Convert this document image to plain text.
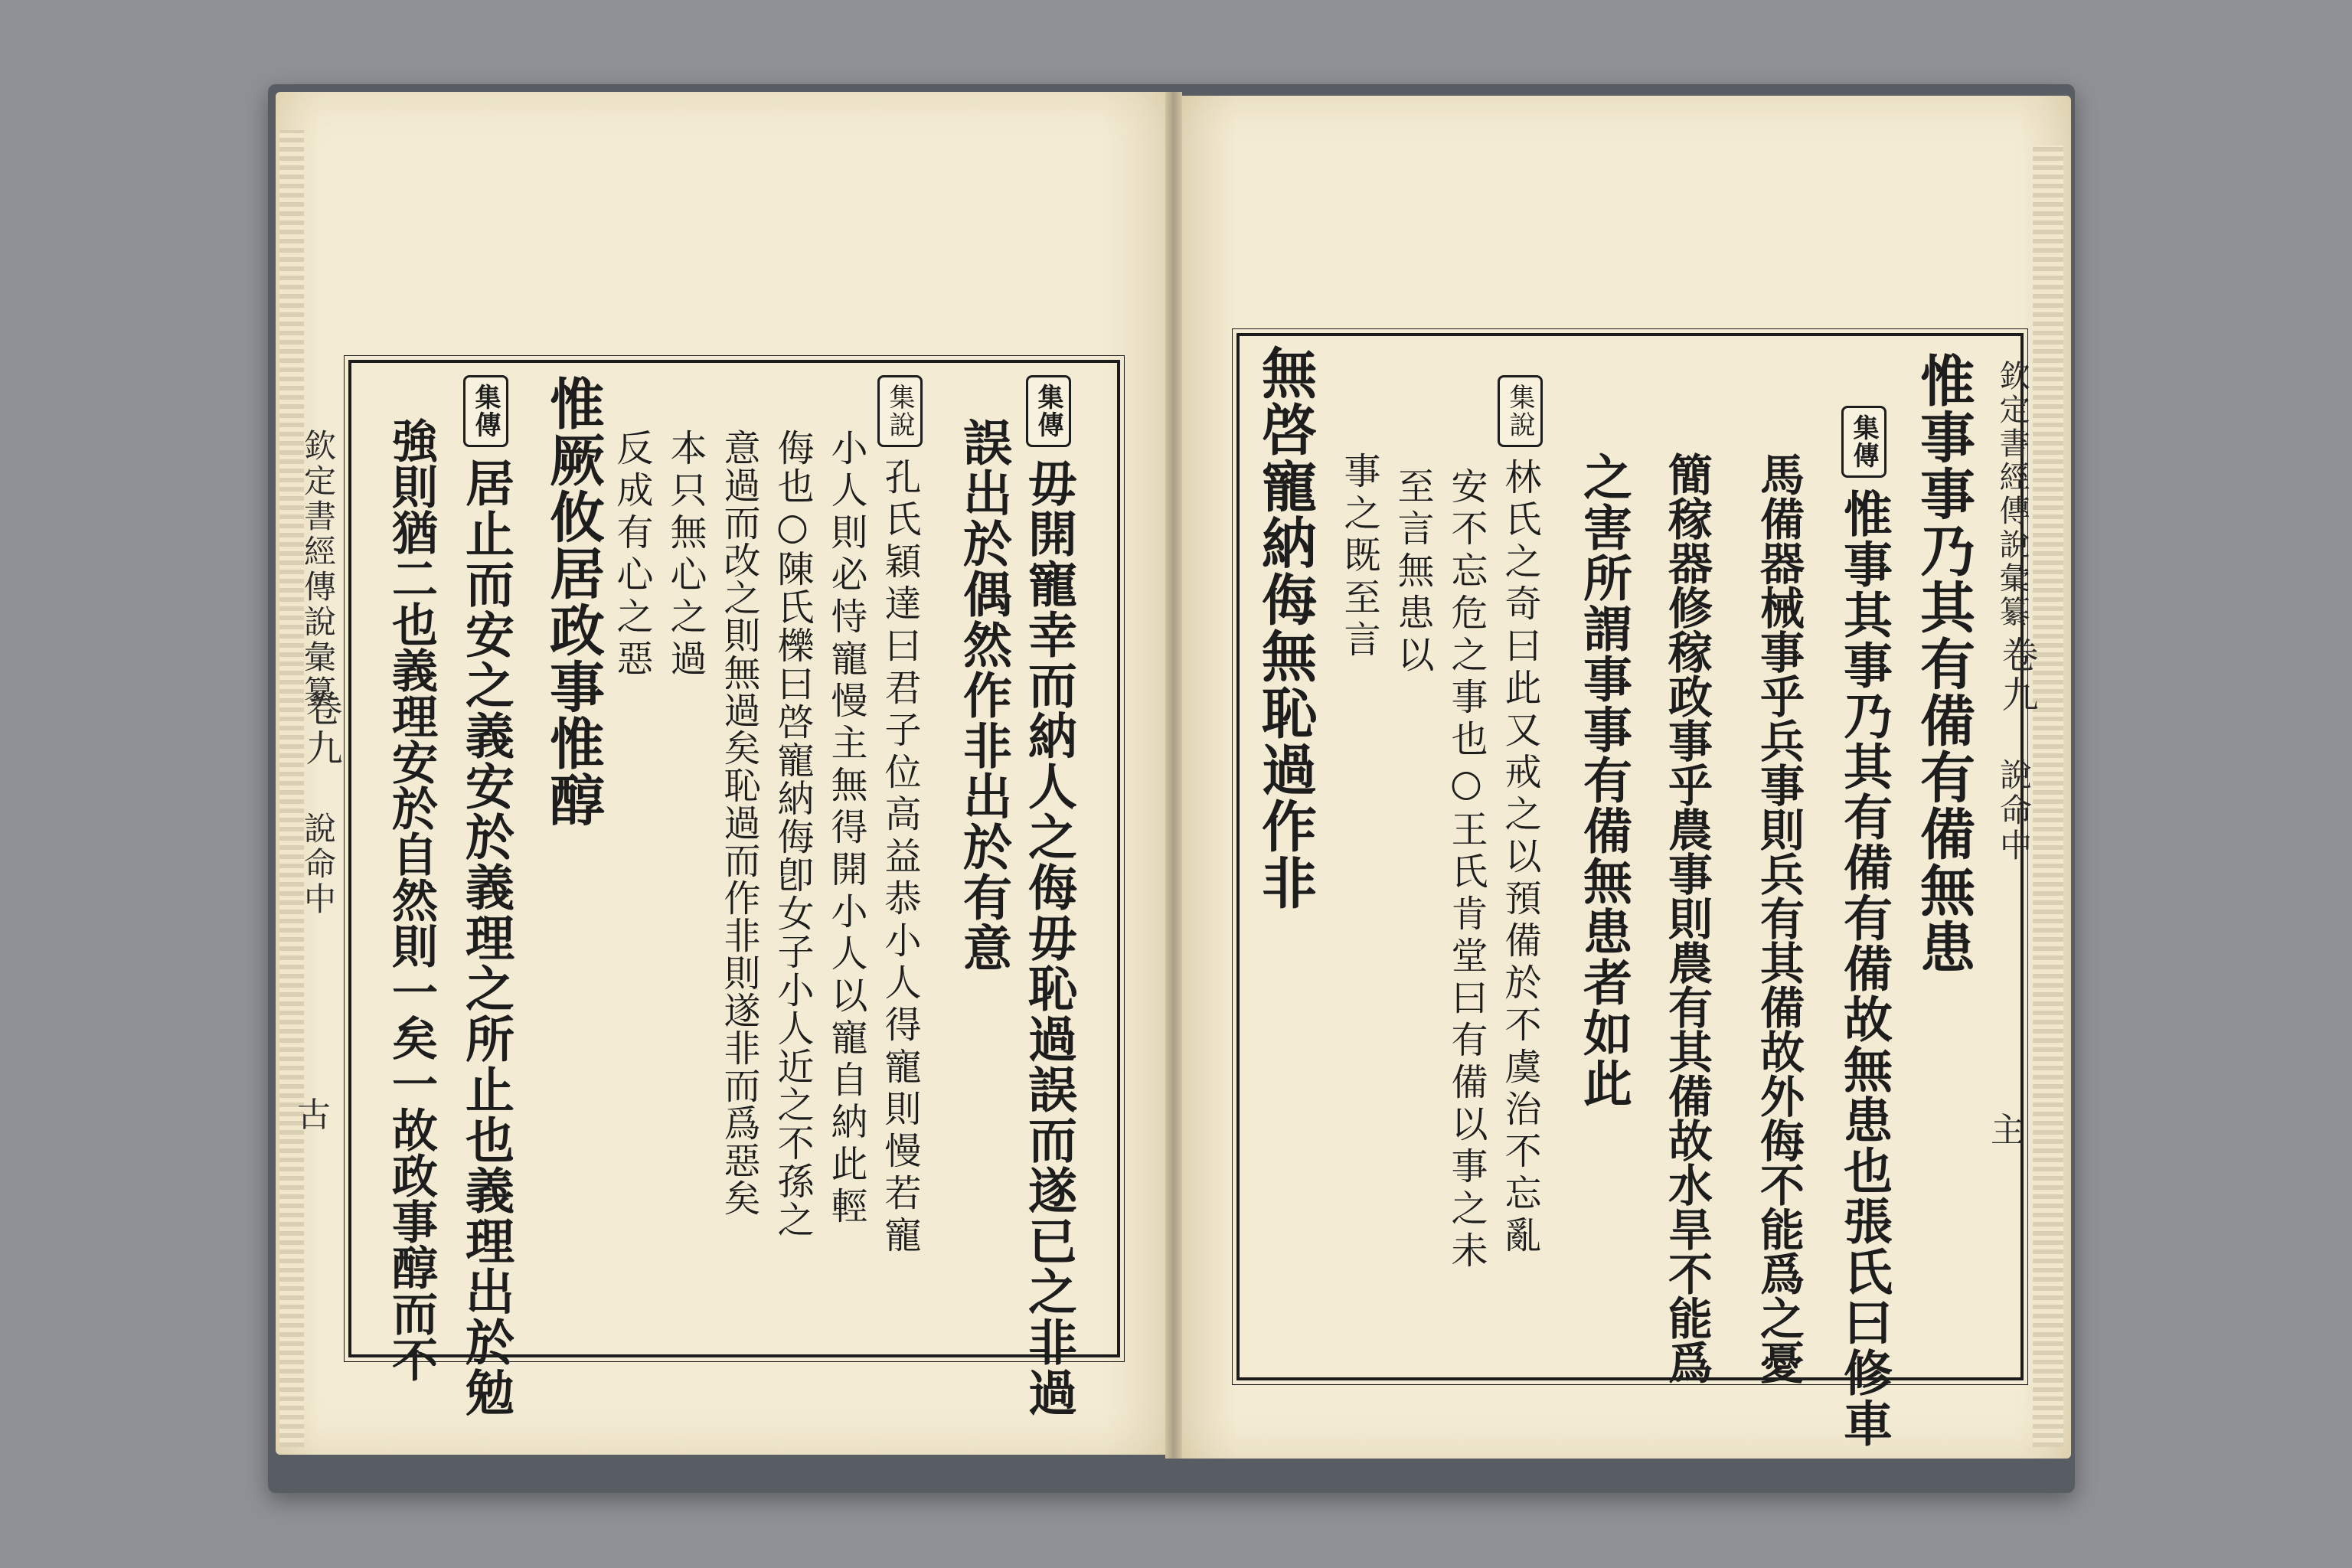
欽定書經傳說彙纂
卷九
說命中
古
集傳毋開寵幸而納人之侮毋恥過誤而遂已之非過
誤出於偶然作非出於有意
集說孔氏穎達曰君子位高益恭小人得寵則慢若寵
小人則必恃寵慢主無得開小人以寵自納此輕
侮也○陳氏櫟曰啓寵納侮卽女子小人近之不孫之
意過而改之則無過矣恥過而作非則遂非而爲惡矣
本只無心之過
反成有心之惡
惟厥攸居政事惟醇
集傳居止而安之義安於義理之所止也義理出於勉
強則猶二也義理安於自然則一矣一故政事醇而不	欽定書經傳說彙纂
卷九
說命中
主
惟事事乃其有備有備無患
集傳惟事其事乃其有備有備故無患也張氏曰修車
馬備器械事乎兵事則兵有其備故外侮不能爲之憂
簡稼器修稼政事乎農事則農有其備故水旱不能爲
之害所謂事事有備無患者如此
集說林氏之奇曰此又戒之以預備於不虞治不忘亂
安不忘危之事也○王氏肯堂曰有備以事之未
至言無患以
事之既至言
無啓寵納侮無恥過作非
